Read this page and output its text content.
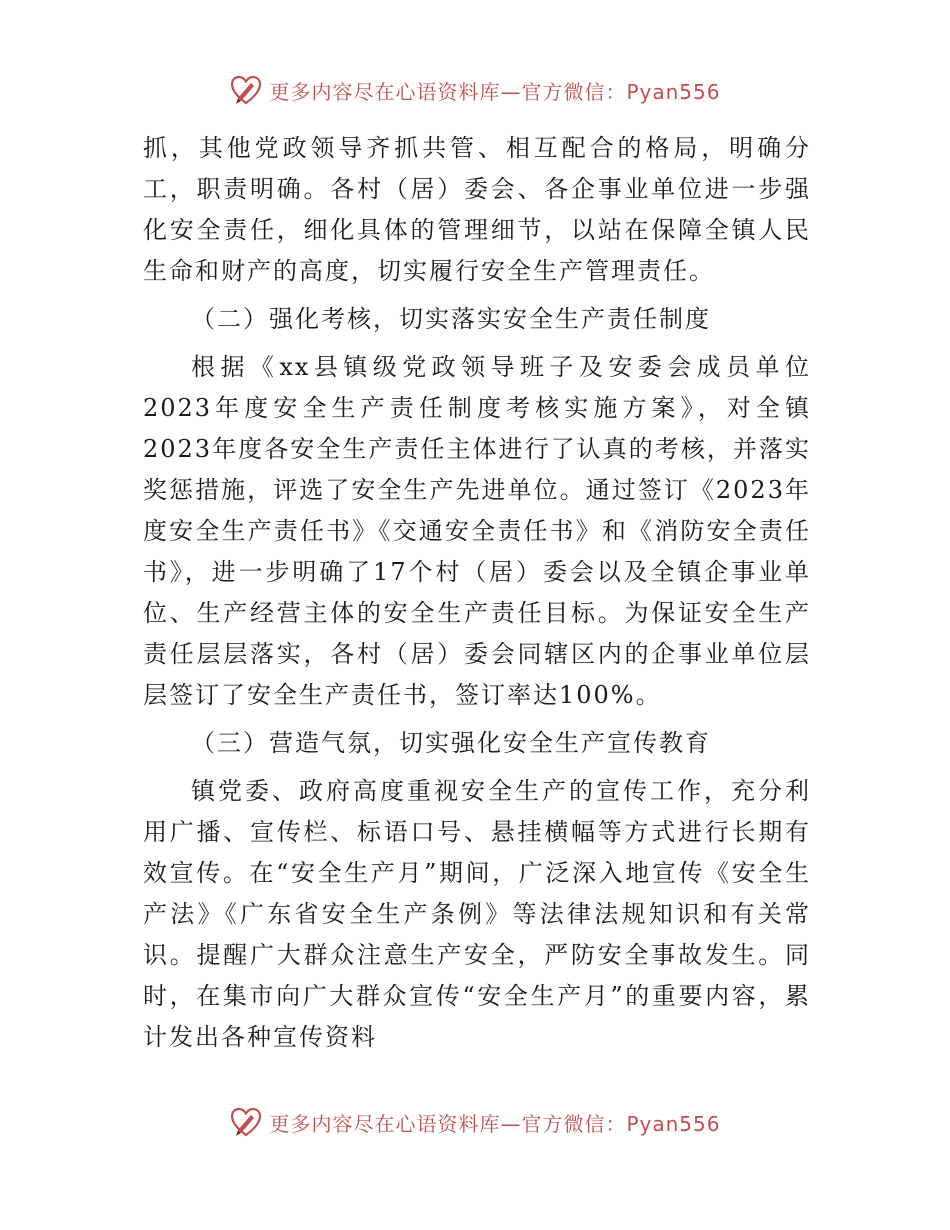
更多内容尽在心语资料库—官方微信：Pyan556

抓，其他党政领导齐抓共管、相互配合的格局，明确分工，职责明确。各村（居）委会、各企事业单位进一步强化安全责任，细化具体的管理细节，以站在保障全镇人民生命和财产的高度，切实履行安全生产管理责任。

（二）强化考核，切实落实安全生产责任制度

根据《xx县镇级党政领导班子及安委会成员单位2023年度安全生产责任制度考核实施方案》，对全镇2023年度各安全生产责任主体进行了认真的考核，并落实奖惩措施，评选了安全生产先进单位。通过签订《2023年度安全生产责任书》《交通安全责任书》和《消防安全责任书》，进一步明确了17个村（居）委会以及全镇企事业单位、生产经营主体的安全生产责任目标。为保证安全生产责任层层落实，各村（居）委会同辖区内的企事业单位层层签订了安全生产责任书，签订率达100%。

（三）营造气氛，切实强化安全生产宣传教育

镇党委、政府高度重视安全生产的宣传工作，充分利用广播、宣传栏、标语口号、悬挂横幅等方式进行长期有效宣传。在“安全生产月”期间，广泛深入地宣传《安全生产法》《广东省安全生产条例》等法律法规知识和有关常识。提醒广大群众注意生产安全，严防安全事故发生。同时，在集市向广大群众宣传“安全生产月”的重要内容，累计发出各种宣传资料

更多内容尽在心语资料库—官方微信：Pyan556
